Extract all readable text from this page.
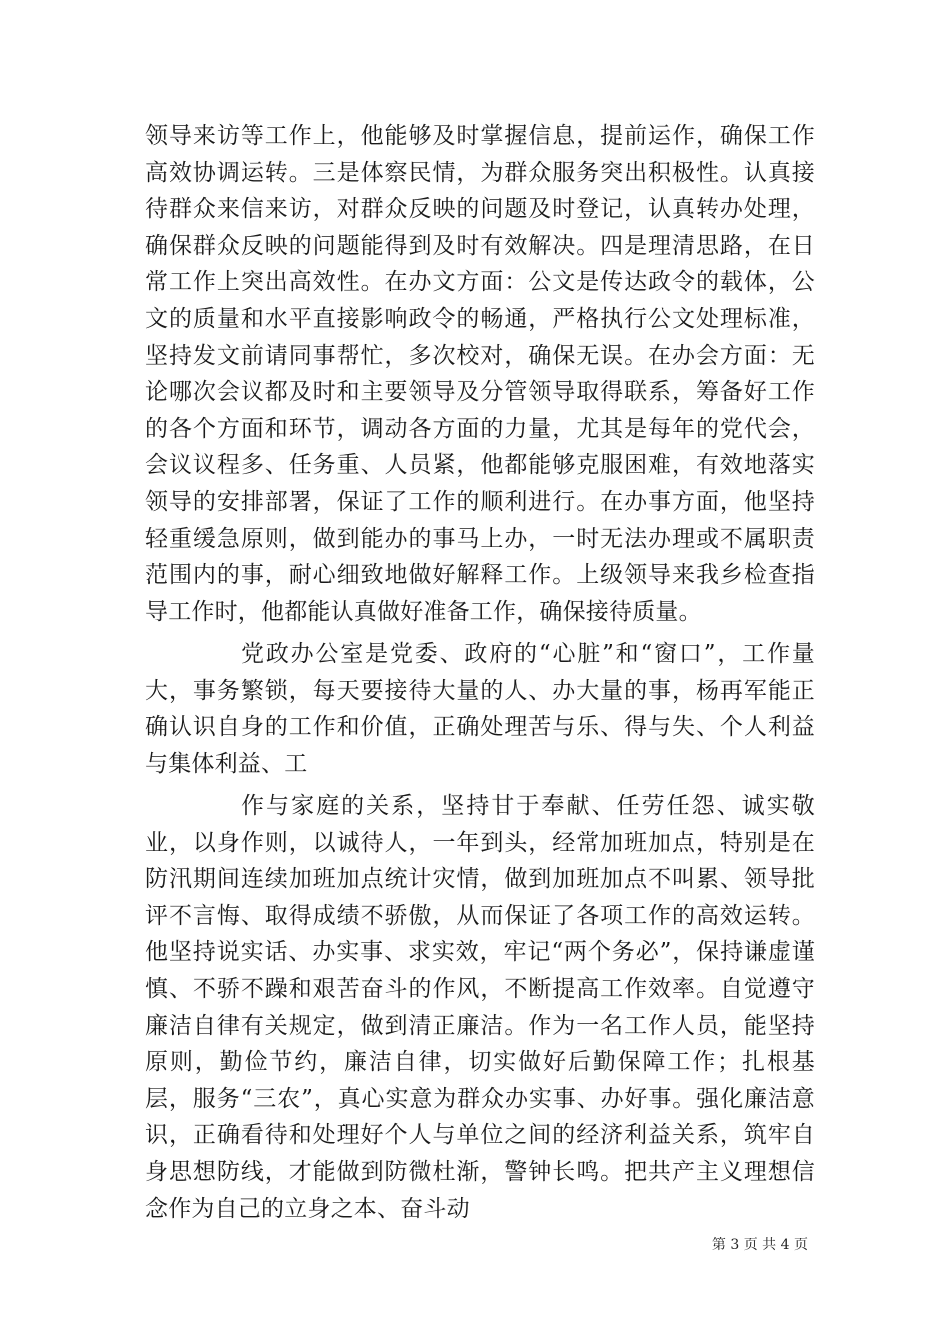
领导来访等工作上，他能够及时掌握信息，提前运作，确保工作高效协调运转。三是体察民情，为群众服务突出积极性。认真接待群众来信来访，对群众反映的问题及时登记，认真转办处理，确保群众反映的问题能得到及时有效解决。四是理清思路，在日常工作上突出高效性。在办文方面：公文是传达政令的载体，公文的质量和水平直接影响政令的畅通，严格执行公文处理标准，坚持发文前请同事帮忙，多次校对，确保无误。在办会方面：无论哪次会议都及时和主要领导及分管领导取得联系，筹备好工作的各个方面和环节，调动各方面的力量，尤其是每年的党代会，会议议程多、任务重、人员紧，他都能够克服困难，有效地落实领导的安排部署，保证了工作的顺利进行。在办事方面，他坚持轻重缓急原则，做到能办的事马上办，一时无法办理或不属职责范围内的事，耐心细致地做好解释工作。上级领导来我乡检查指导工作时，他都能认真做好准备工作，确保接待质量。

党政办公室是党委、政府的“心脏”和“窗口”，工作量大，事务繁锁，每天要接待大量的人、办大量的事，杨再军能正确认识自身的工作和价值，正确处理苦与乐、得与失、个人利益与集体利益、工

作与家庭的关系，坚持甘于奉献、任劳任怨、诚实敬业，以身作则，以诚待人，一年到头，经常加班加点，特别是在防汛期间连续加班加点统计灾情，做到加班加点不叫累、领导批评不言悔、取得成绩不骄傲，从而保证了各项工作的高效运转。他坚持说实话、办实事、求实效，牢记“两个务必”，保持谦虚谨慎、不骄不躁和艰苦奋斗的作风，不断提高工作效率。自觉遵守廉洁自律有关规定，做到清正廉洁。作为一名工作人员，能坚持原则，勤俭节约，廉洁自律，切实做好后勤保障工作；扎根基层，服务“三农”，真心实意为群众办实事、办好事。强化廉洁意识，正确看待和处理好个人与单位之间的经济利益关系，筑牢自身思想防线，才能做到防微杜渐，警钟长鸣。把共产主义理想信念作为自己的立身之本、奋斗动

第 3 页 共 4 页
